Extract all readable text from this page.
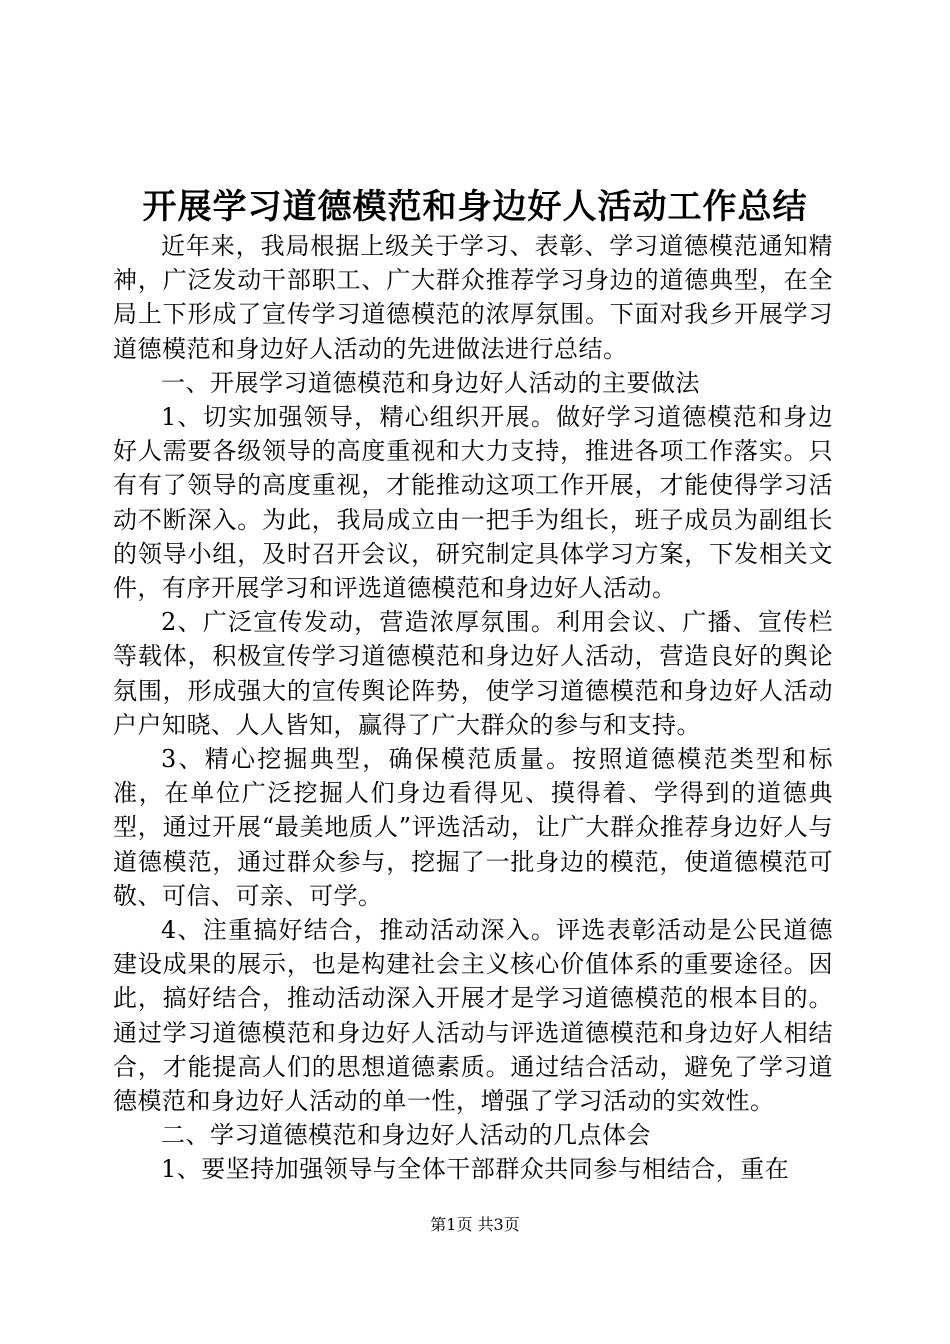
开展学习道德模范和身边好人活动工作总结

近年来，我局根据上级关于学习、表彰、学习道德模范通知精神，广泛发动干部职工、广大群众推荐学习身边的道德典型，在全局上下形成了宣传学习道德模范的浓厚氛围。下面对我乡开展学习道德模范和身边好人活动的先进做法进行总结。

一、开展学习道德模范和身边好人活动的主要做法

1、切实加强领导，精心组织开展。做好学习道德模范和身边好人需要各级领导的高度重视和大力支持，推进各项工作落实。只有有了领导的高度重视，才能推动这项工作开展，才能使得学习活动不断深入。为此，我局成立由一把手为组长，班子成员为副组长的领导小组，及时召开会议，研究制定具体学习方案，下发相关文件，有序开展学习和评选道德模范和身边好人活动。

2、广泛宣传发动，营造浓厚氛围。利用会议、广播、宣传栏等载体，积极宣传学习道德模范和身边好人活动，营造良好的舆论氛围，形成强大的宣传舆论阵势，使学习道德模范和身边好人活动户户知晓、人人皆知，赢得了广大群众的参与和支持。

3、精心挖掘典型，确保模范质量。按照道德模范类型和标准，在单位广泛挖掘人们身边看得见、摸得着、学得到的道德典型，通过开展“最美地质人”评选活动，让广大群众推荐身边好人与道德模范，通过群众参与，挖掘了一批身边的模范，使道德模范可敬、可信、可亲、可学。

4、注重搞好结合，推动活动深入。评选表彰活动是公民道德建设成果的展示，也是构建社会主义核心价值体系的重要途径。因此，搞好结合，推动活动深入开展才是学习道德模范的根本目的。通过学习道德模范和身边好人活动与评选道德模范和身边好人相结合，才能提高人们的思想道德素质。通过结合活动，避免了学习道德模范和身边好人活动的单一性，增强了学习活动的实效性。

二、学习道德模范和身边好人活动的几点体会

1、要坚持加强领导与全体干部群众共同参与相结合，重在

第1页 共3页
